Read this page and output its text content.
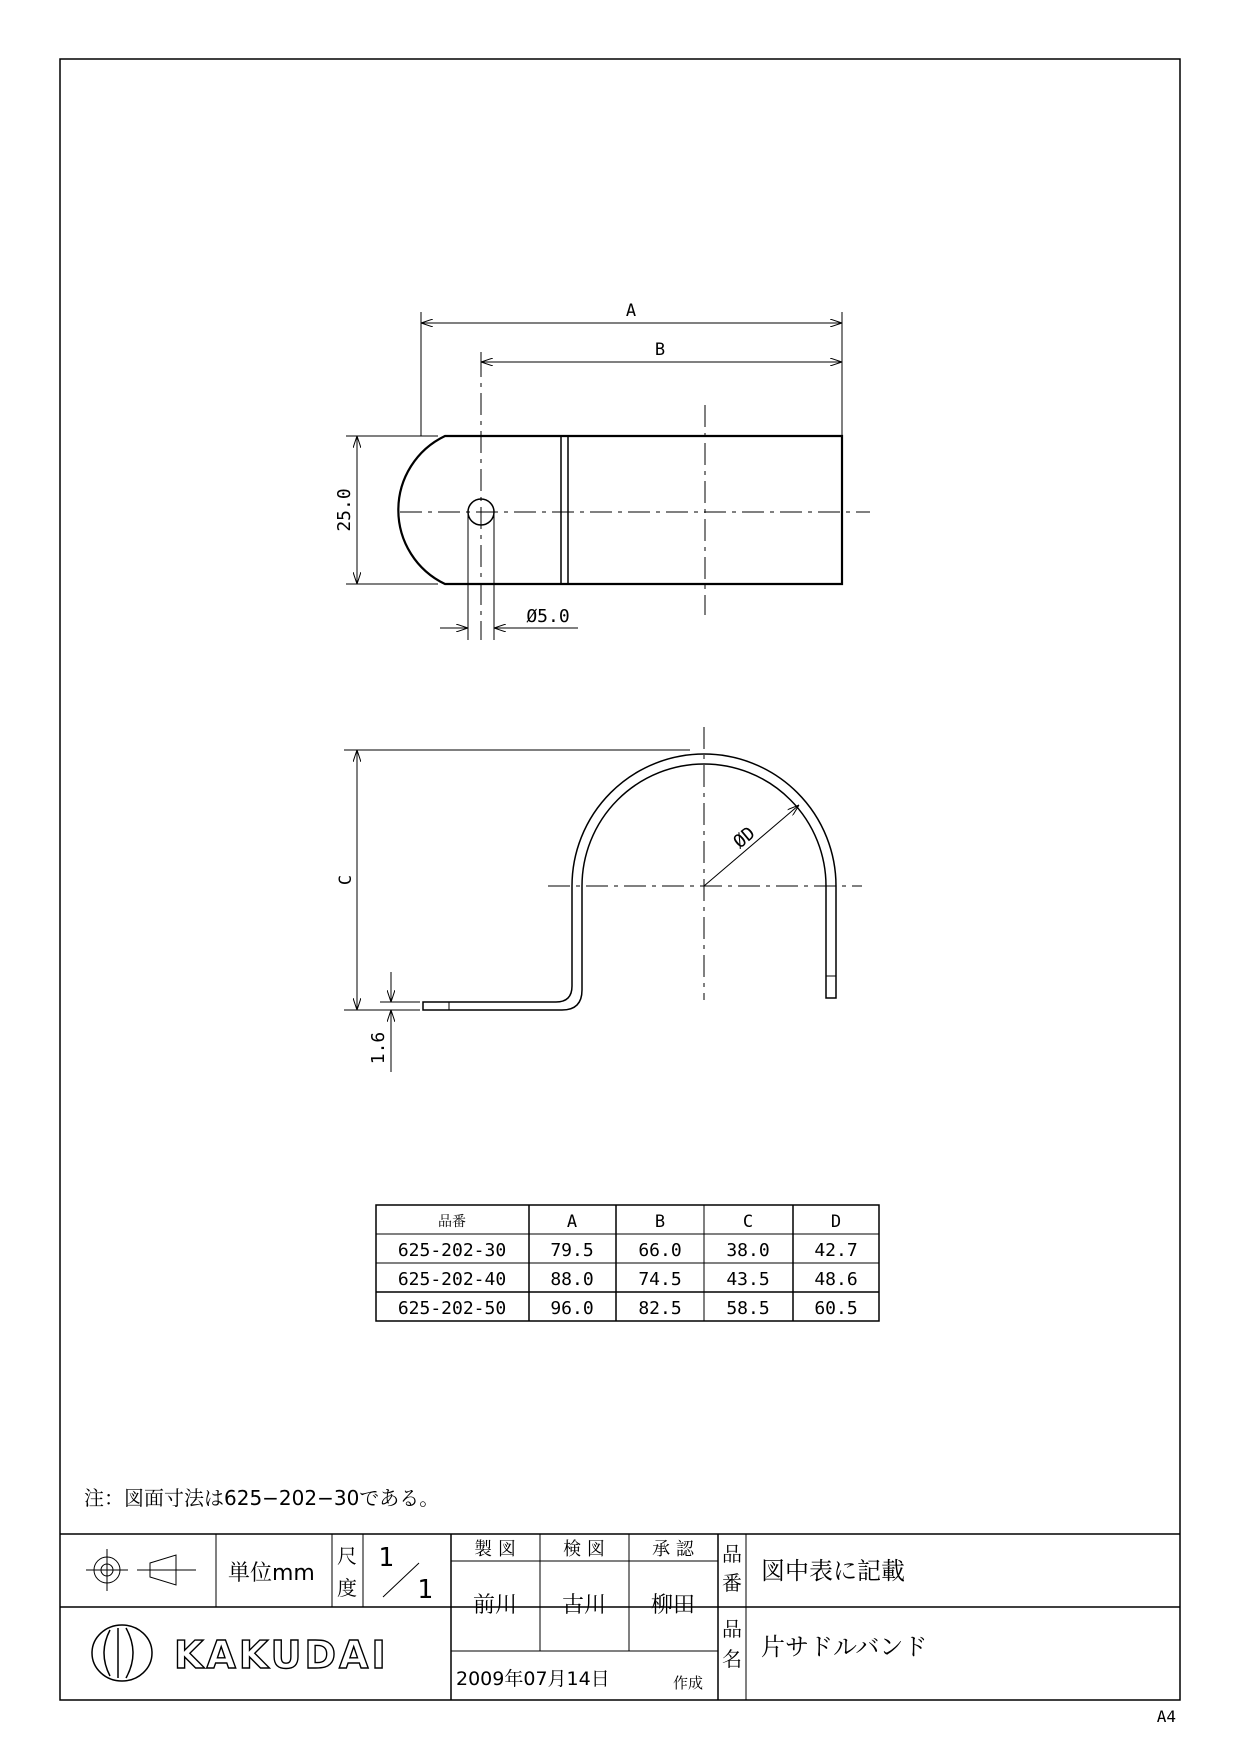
A
B
25.0
Ø5.0
C
ØD
1.6
品番	A	B	C	D
625-202-30 79.5 66.0 38.0 42.7
625-202-40 88.0 74.5 43.5 48.6
625-202-50 96.0 82.5 58.5 60.5
注：図面寸法は625−202−30である。
単位mm
尺
度
1
1
製 図	検 図	承 認
前川 古川 柳田
品
番 図中表に記載
品
名 片サドルバンド
2009年07月14日	作成
KAKUDAI
A4
